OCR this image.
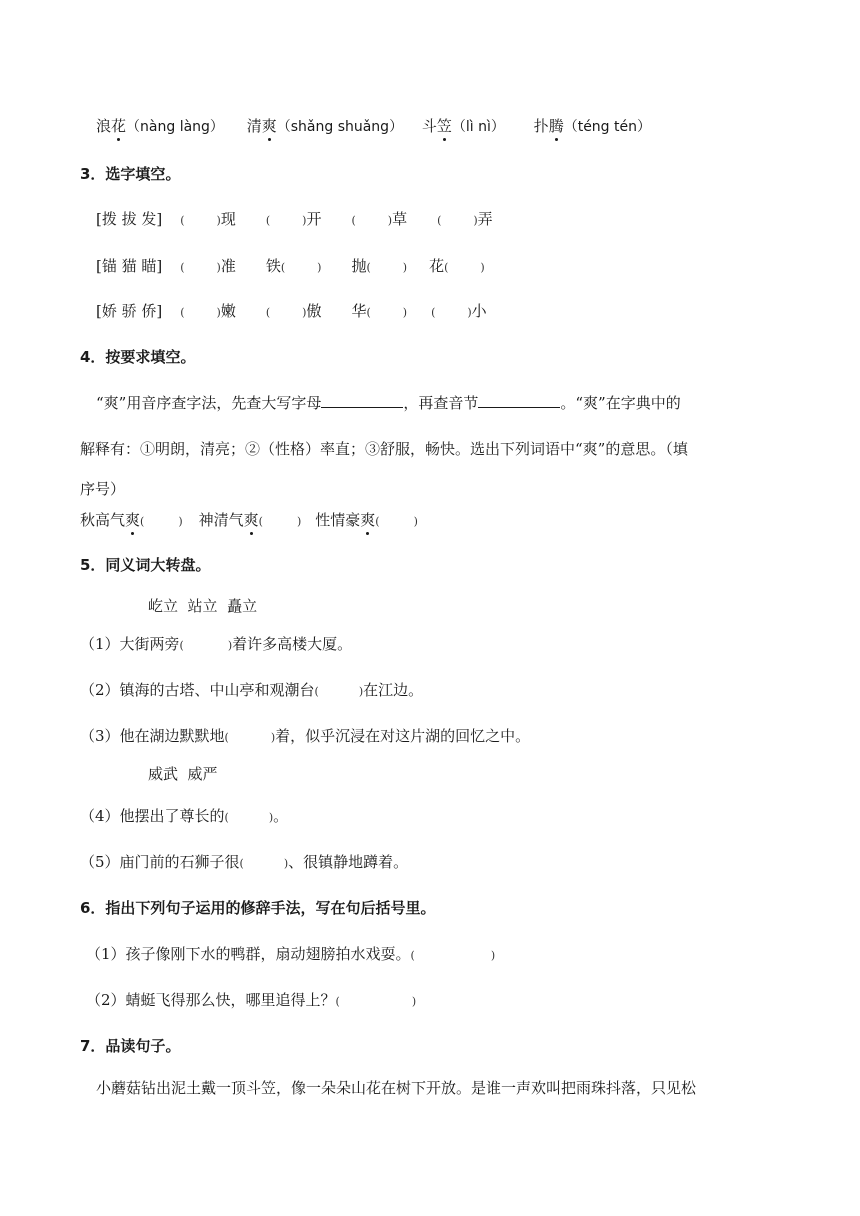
浪花（nàng làng） 清爽（shǎng shuǎng） 斗笠（lì nì） 扑腾（téng tén）
3．选字填空。
[拨 拔 发] (	)现	(	)开	(	)草	(	)弄
[锚 猫 瞄] (	)准 铁(	) 抛(	) 花(	)
[娇 骄 侨] (	)嫩	(	)傲 华(	) (	)小
4．按要求填空。
“爽”用音序查字法，先查大写字母	，再查音节	。“爽”在字典中的
解释有：①明朗，清亮；②（性格）率直；③舒服，畅快。选出下列词语中“爽”的意思。（填
序号）
秋高气爽(	) 神清气爽(	) 性情豪爽(	)
5．同义词大转盘。
屹立  站立  矗立
（1）大街两旁(	)着许多高楼大厦。
（2）镇海的古塔、中山亭和观潮台(	)在江边。
（3）他在湖边默默地(	)着，似乎沉浸在对这片湖的回忆之中。
威武  威严
（4）他摆出了尊长的(	)。
（5）庙门前的石狮子很(	)、很镇静地蹲着。
6．指出下列句子运用的修辞手法，写在句后括号里。
（1）孩子像刚下水的鸭群，扇动翅膀拍水戏耍。(	)
（2）蜻蜓飞得那么快，哪里追得上？(	)
7．品读句子。
小蘑菇钻出泥土戴一顶斗笠，像一朵朵山花在树下开放。是谁一声欢叫把雨珠抖落，只见松
